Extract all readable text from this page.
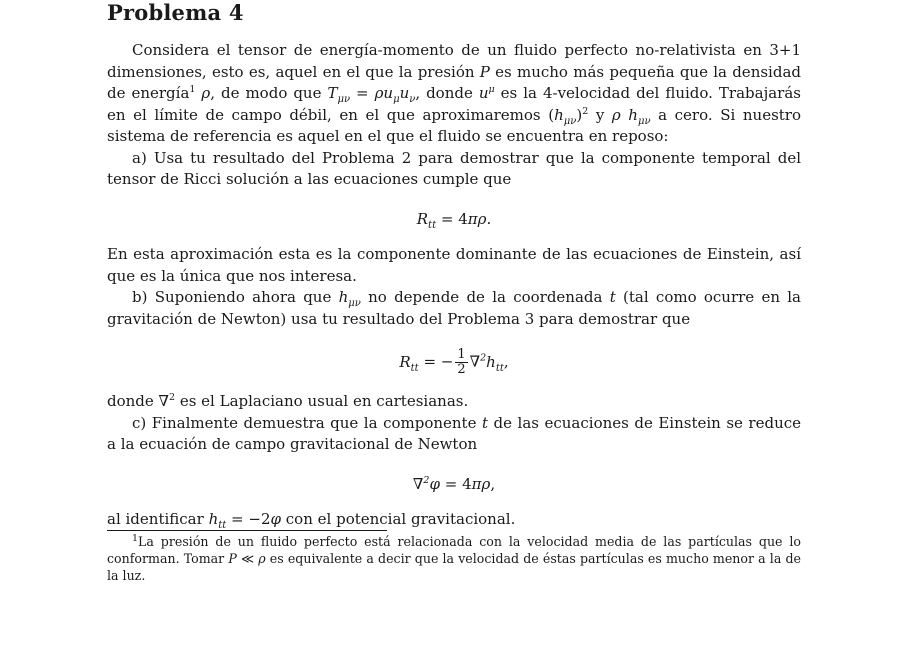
Problema 4

Considera el tensor de energía-momento de un fluido perfecto no-relativista en 3+1 dimensiones, esto es, aquel en el que la presión P es mucho más pequeña que la densidad de energía$^1$ ρ, de modo que $T_{\mu\nu} = \rho u_\mu u_\nu$, donde $u^\mu$ es la 4-velocidad del fluido. Trabajarás en el límite de campo débil, en el que aproximaremos $(h_{\mu\nu})^2$ y ρ $h_{\mu\nu}$ a cero. Si nuestro sistema de referencia es aquel en el que el fluido se encuentra en reposo:

a) Usa tu resultado del Problema 2 para demostrar que la componente temporal del tensor de Ricci solución a las ecuaciones cumple que

$R_{tt} = 4\pi\rho$.

En esta aproximación esta es la componente dominante de las ecuaciones de Einstein, así que es la única que nos interesa.

b) Suponiendo ahora que $h_{\mu\nu}$ no depende de la coordenada t (tal como ocurre en la gravitación de Newton) usa tu resultado del Problema 3 para demostrar que

$R_{tt}$ = − $\frac{1}{2} \nabla^2h_{tt}$,

donde ∇$^2$ es el Laplaciano usual en cartesianas.

c) Finalmente demuestra que la componente t de las ecuaciones de Einstein se reduce a la ecuación de campo gravitacional de Newton

∇$^2$φ = 4πρ,

al identificar $h_{tt} = -2\varphi$ con el potencial gravitacional.

$^1$La presión de un fluido perfecto está relacionada con la velocidad media de las partículas que lo conforman. Tomar P ≪ ρ es equivalente a decir que la velocidad de éstas partículas es mucho menor a la de la luz.
